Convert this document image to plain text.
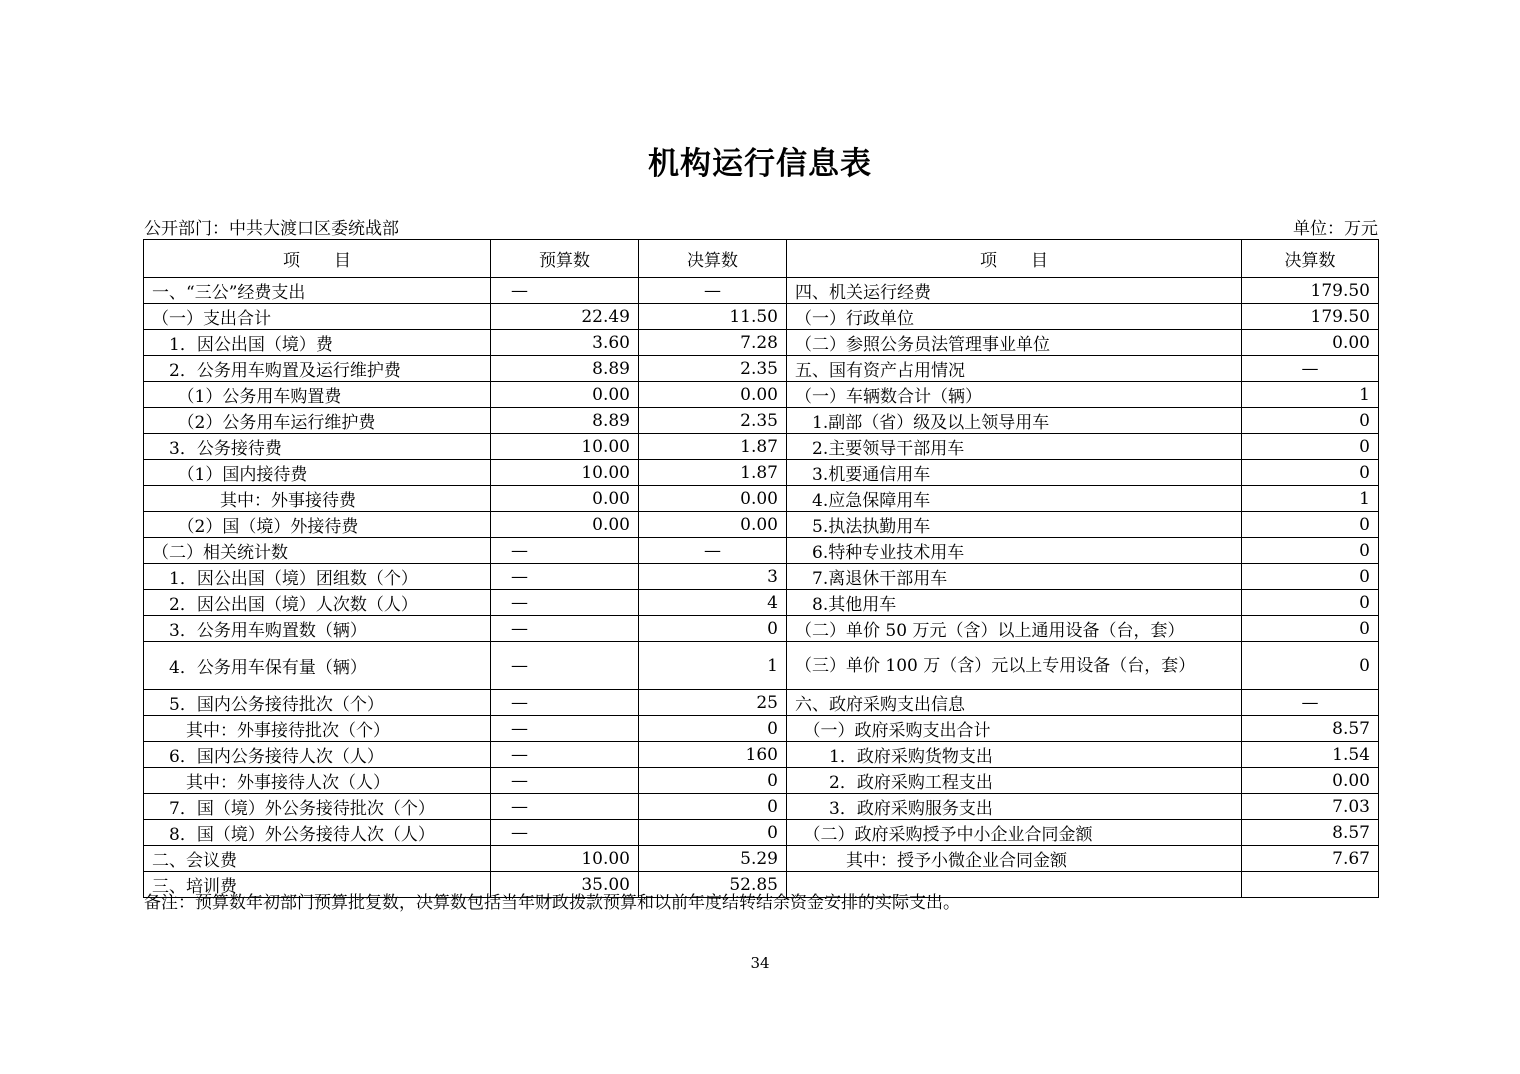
机构运行信息表
公开部门：中共大渡口区委统战部	单位：万元
项　　目	预算数	决算数	项　　目	决算数
一、“三公”经费支出	—	—	四、机关运行经费	179.50
（一）支出合计	22.49	11.50	（一）行政单位	179.50
　1．因公出国（境）费	3.60	7.28	（二）参照公务员法管理事业单位	0.00
　2．公务用车购置及运行维护费	8.89	2.35	五、国有资产占用情况	—
　　（1）公务用车购置费	0.00	0.00	（一）车辆数合计（辆）	1
　　（2）公务用车运行维护费	8.89	2.35	　1.副部（省）级及以上领导用车	0
　3．公务接待费	10.00	1.87	　2.主要领导干部用车	0
　　（1）国内接待费	10.00	1.87	　3.机要通信用车	0
　　　　其中：外事接待费	0.00	0.00	　4.应急保障用车	1
　　（2）国（境）外接待费	0.00	0.00	　5.执法执勤用车	0
（二）相关统计数	—	—	　6.特种专业技术用车	0
　1．因公出国（境）团组数（个）	—	3	　7.离退休干部用车	0
　2．因公出国（境）人次数（人）	—	4	　8.其他用车	0
　3．公务用车购置数（辆）	—	0	（二）单价 50 万元（含）以上通用设备（台，套）	0
　4．公务用车保有量（辆）	—	1	（三）单价 100 万（含）元以上专用设备（台，套）	0
　5．国内公务接待批次（个）	—	25	六、政府采购支出信息	—
　　其中：外事接待批次（个）	—	0	　（一）政府采购支出合计	8.57
　6．国内公务接待人次（人）	—	160	　　1．政府采购货物支出	1.54
　　其中：外事接待人次（人）	—	0	　　2．政府采购工程支出	0.00
　7．国（境）外公务接待批次（个）	—	0	　　3．政府采购服务支出	7.03
　8．国（境）外公务接待人次（人）	—	0	　（二）政府采购授予中小企业合同金额	8.57
二、会议费	10.00	5.29	　　　其中：授予小微企业合同金额	7.67
三、培训费	35.00	52.85		
备注：预算数年初部门预算批复数，决算数包括当年财政拨款预算和以前年度结转结余资金安排的实际支出。
34
